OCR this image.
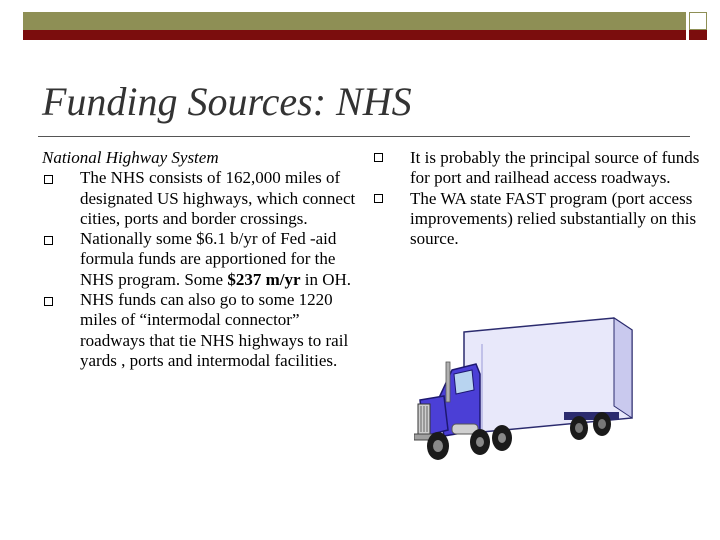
Funding Sources: NHS
National Highway System
The NHS consists of 162,000 miles of designated US highways, which connect cities, ports and border crossings.
Nationally some $6.1 b/yr of Fed -aid formula funds are apportioned for the NHS program. Some $237 m/yr in OH.
NHS funds can also go to some 1220 miles of “intermodal connector” roadways that tie NHS highways to rail yards , ports and intermodal facilities.
It is probably the principal source of funds for port and railhead access roadways.
The WA state FAST program (port access improvements) relied substantially on this source.
